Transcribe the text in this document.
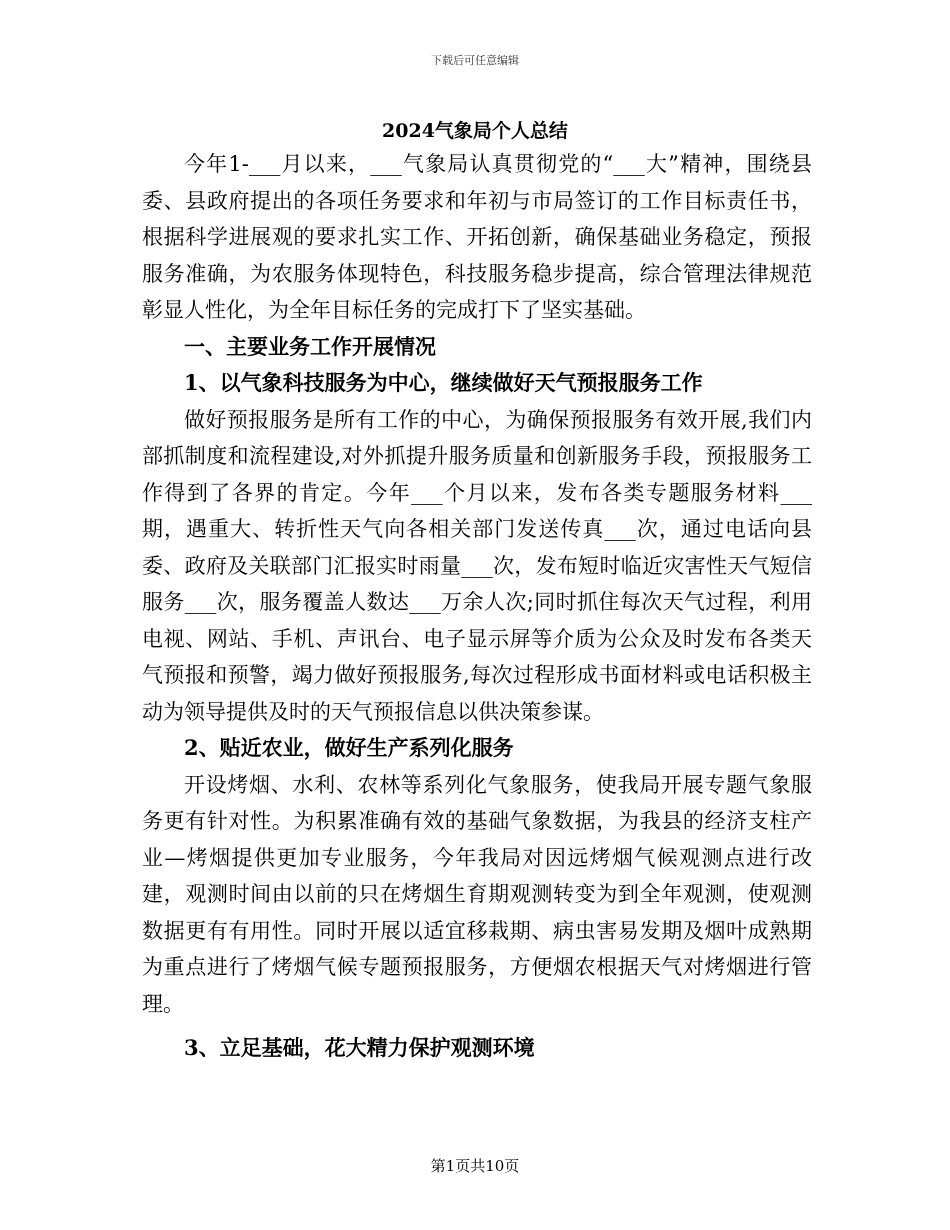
下载后可任意编辑
2024气象局个人总结

今年1-___月以来，___气象局认真贯彻党的“___大”精神，围绕县委、县政府提出的各项任务要求和年初与市局签订的工作目标责任书，根据科学进展观的要求扎实工作、开拓创新，确保基础业务稳定，预报服务准确，为农服务体现特色，科技服务稳步提高，综合管理法律规范彰显人性化，为全年目标任务的完成打下了坚实基础。

一、主要业务工作开展情况

1、以气象科技服务为中心，继续做好天气预报服务工作

做好预报服务是所有工作的中心，为确保预报服务有效开展,我们内部抓制度和流程建设,对外抓提升服务质量和创新服务手段，预报服务工作得到了各界的肯定。今年___个月以来，发布各类专题服务材料___期，遇重大、转折性天气向各相关部门发送传真___次，通过电话向县委、政府及关联部门汇报实时雨量___次，发布短时临近灾害性天气短信服务___次，服务覆盖人数达___万余人次;同时抓住每次天气过程，利用电视、网站、手机、声讯台、电子显示屏等介质为公众及时发布各类天气预报和预警，竭力做好预报服务,每次过程形成书面材料或电话积极主动为领导提供及时的天气预报信息以供决策参谋。

2、贴近农业，做好生产系列化服务

开设烤烟、水利、农林等系列化气象服务，使我局开展专题气象服务更有针对性。为积累准确有效的基础气象数据，为我县的经济支柱产业—烤烟提供更加专业服务，今年我局对因远烤烟气候观测点进行改建，观测时间由以前的只在烤烟生育期观测转变为到全年观测，使观测数据更有有用性。同时开展以适宜移栽期、病虫害易发期及烟叶成熟期为重点进行了烤烟气候专题预报服务，方便烟农根据天气对烤烟进行管理。

3、立足基础，花大精力保护观测环境

第1页共10页
